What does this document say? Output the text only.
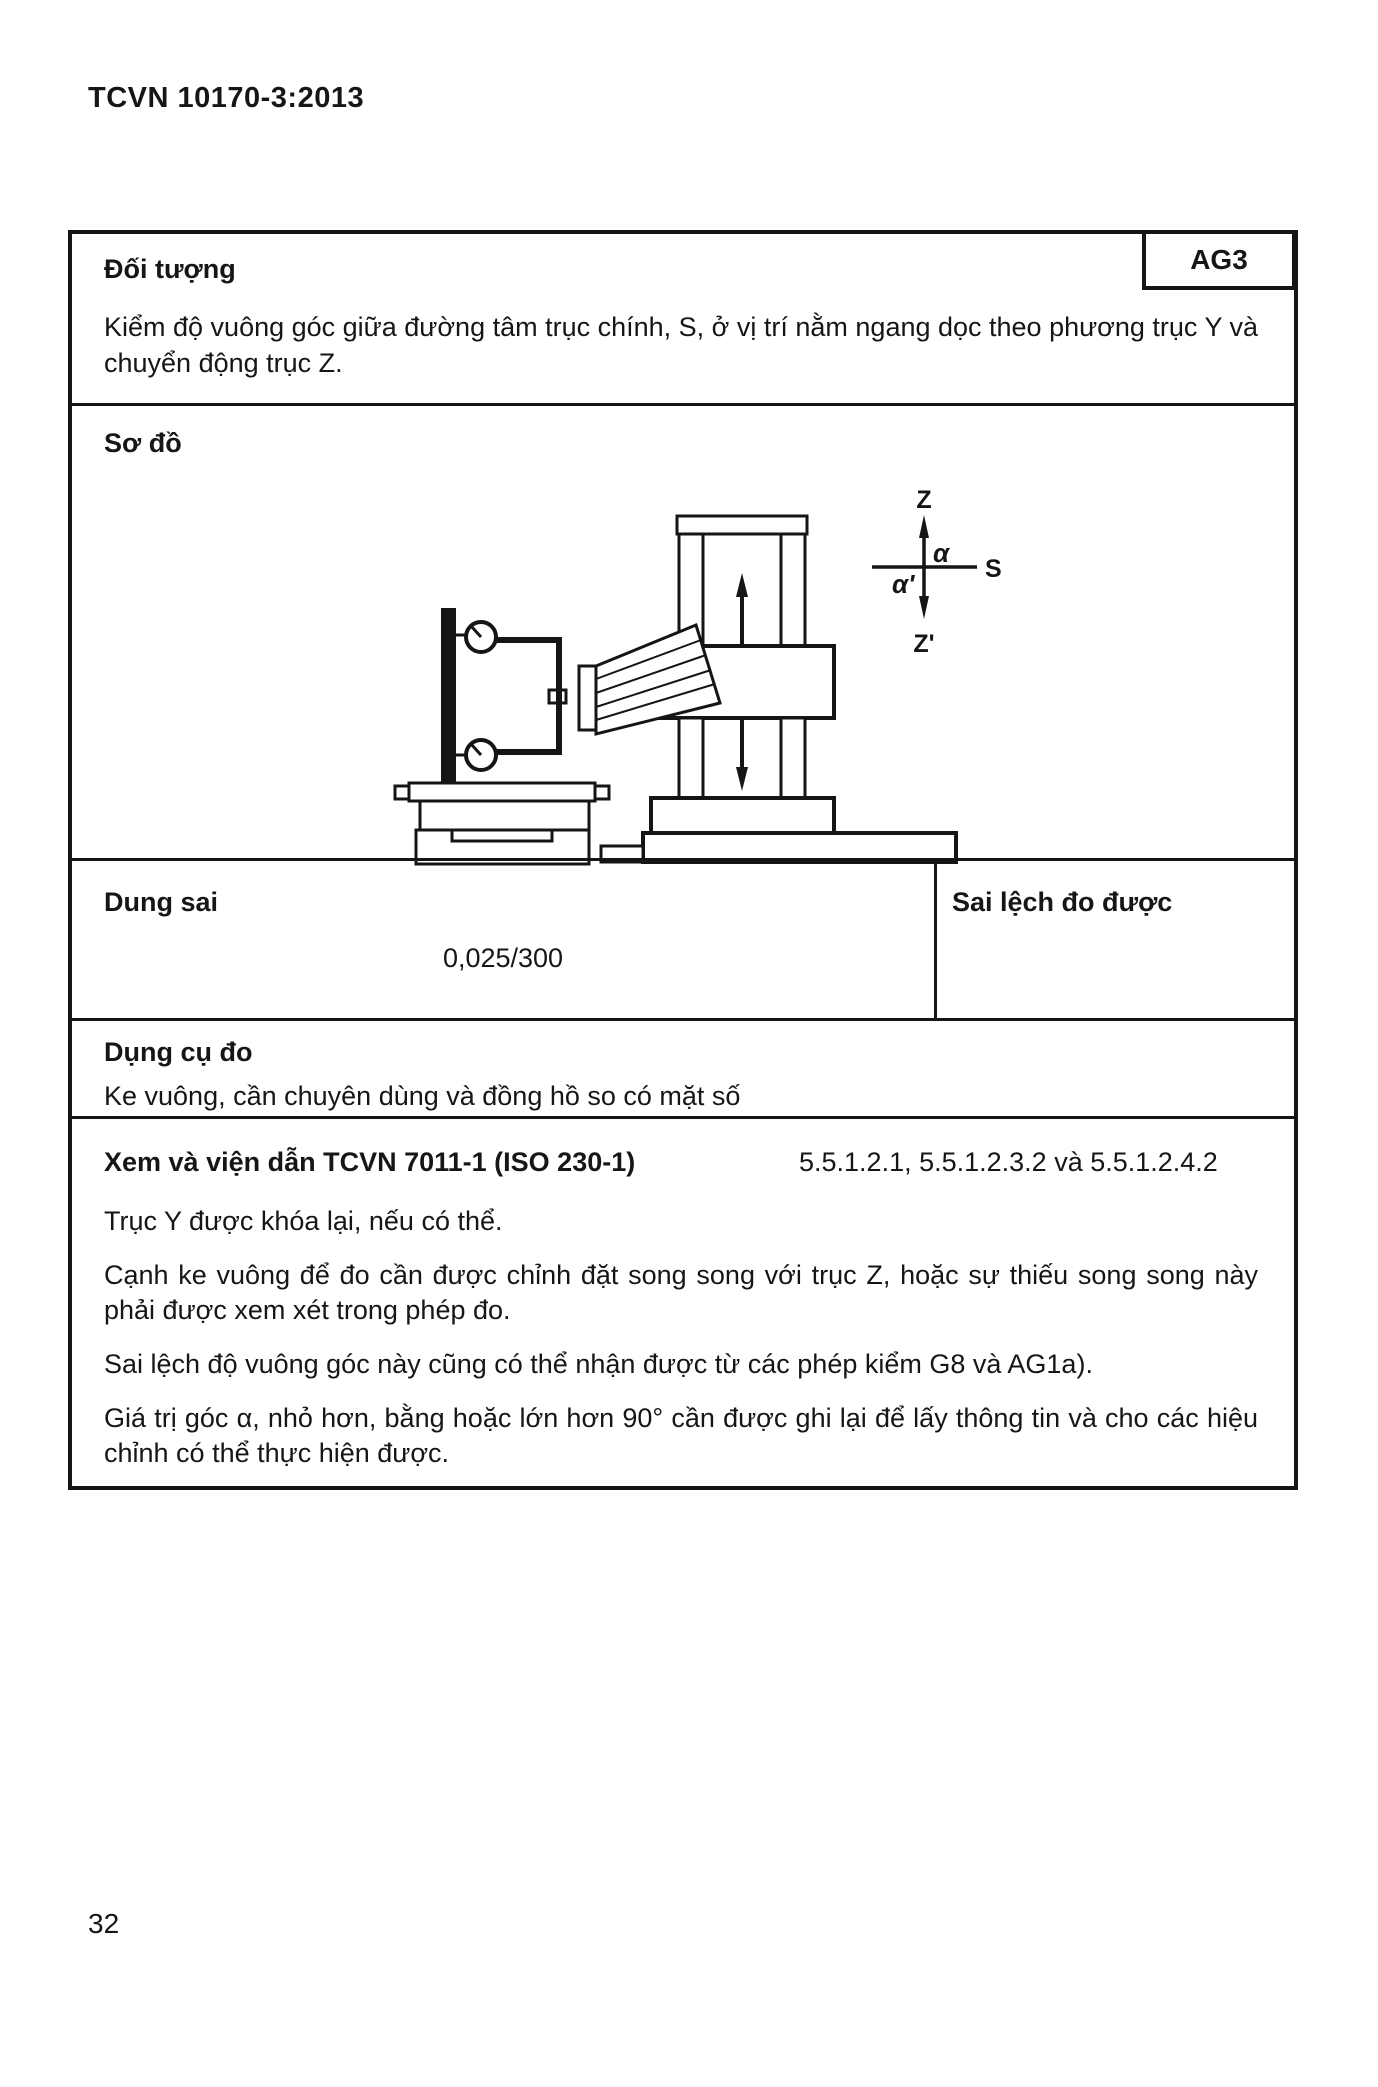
TCVN 10170-3:2013
Đối tượng	AG3

Kiểm độ vuông góc giữa đường tâm trục chính, S, ở vị trí nằm ngang dọc theo phương trục Y và chuyển động trục Z.

Sơ đồ
Z
Z'
S
α
α'
Dung sai	Sai lệch đo được
0,025/300
Dụng cụ đo
Ke vuông, cần chuyên dùng và đồng hồ so có mặt số
Xem và viện dẫn TCVN 7011-1 (ISO 230-1)	5.5.1.2.1, 5.5.1.2.3.2 và 5.5.1.2.4.2

Trục Y được khóa lại, nếu có thể.

Cạnh ke vuông để đo cần được chỉnh đặt song song với trục Z, hoặc sự thiếu song song này phải được xem xét trong phép đo.

Sai lệch độ vuông góc này cũng có thể nhận được từ các phép kiểm G8 và AG1a).

Giá trị góc α, nhỏ hơn, bằng hoặc lớn hơn 90° cần được ghi lại để lấy thông tin và cho các hiệu chỉnh có thể thực hiện được.

32
